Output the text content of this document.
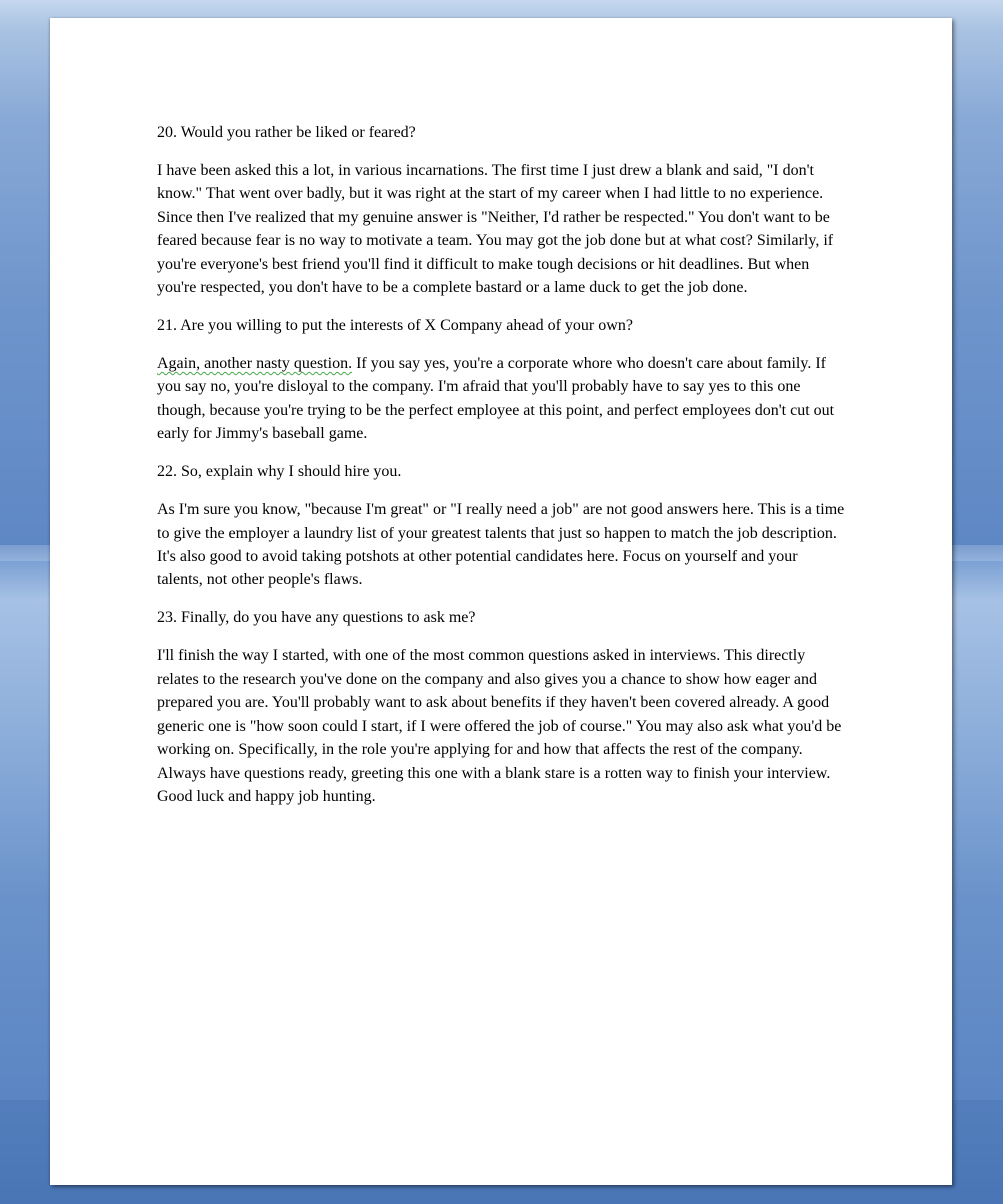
20. Would you rather be liked or feared?

I have been asked this a lot, in various incarnations. The first time I just drew a blank and said, "I don't know." That went over badly, but it was right at the start of my career when I had little to no experience. Since then I've realized that my genuine answer is "Neither, I'd rather be respected." You don't want to be feared because fear is no way to motivate a team. You may got the job done but at what cost? Similarly, if you're everyone's best friend you'll find it difficult to make tough decisions or hit deadlines. But when you're respected, you don't have to be a complete bastard or a lame duck to get the job done.

21. Are you willing to put the interests of X Company ahead of your own?

Again, another nasty question. If you say yes, you're a corporate whore who doesn't care about family. If you say no, you're disloyal to the company. I'm afraid that you'll probably have to say yes to this one though, because you're trying to be the perfect employee at this point, and perfect employees don't cut out early for Jimmy's baseball game.

22. So, explain why I should hire you.

As I'm sure you know, "because I'm great" or "I really need a job" are not good answers here. This is a time to give the employer a laundry list of your greatest talents that just so happen to match the job description. It's also good to avoid taking potshots at other potential candidates here. Focus on yourself and your talents, not other people's flaws.

23. Finally, do you have any questions to ask me?

I'll finish the way I started, with one of the most common questions asked in interviews. This directly relates to the research you've done on the company and also gives you a chance to show how eager and prepared you are. You'll probably want to ask about benefits if they haven't been covered already. A good generic one is "how soon could I start, if I were offered the job of course." You may also ask what you'd be working on. Specifically, in the role you're applying for and how that affects the rest of the company. Always have questions ready, greeting this one with a blank stare is a rotten way to finish your interview. Good luck and happy job hunting.
